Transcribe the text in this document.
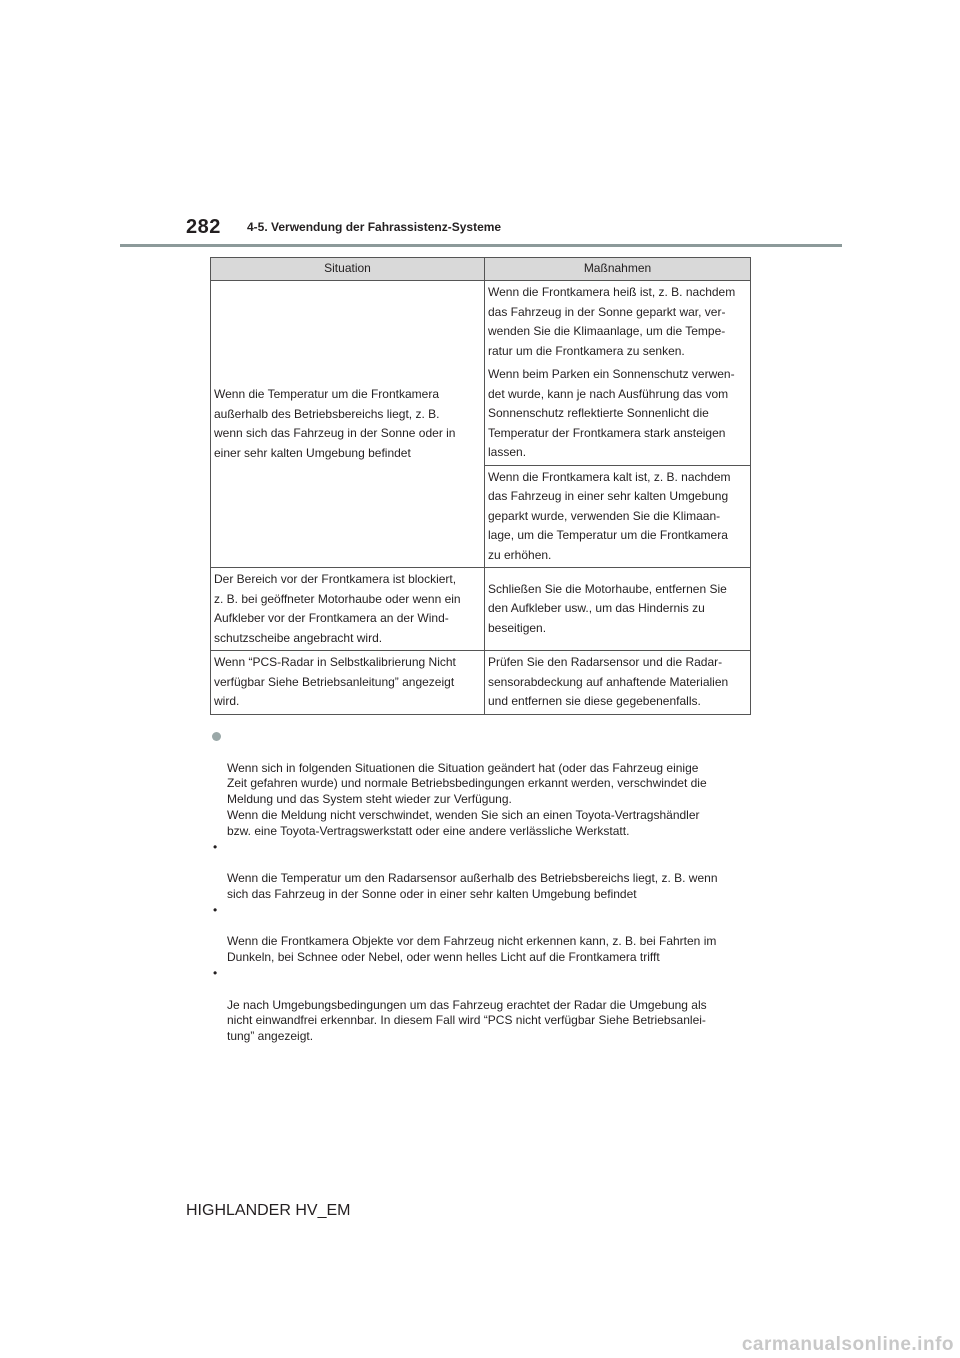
282 4-5. Verwendung der Fahrassistenz-Systeme
Situation	Maßnahmen

Wenn die Temperatur um die Frontkamera
außerhalb des Betriebsbereichs liegt, z. B.
wenn sich das Fahrzeug in der Sonne oder in
einer sehr kalten Umgebung befindet	Wenn die Frontkamera heiß ist, z. B. nachdem
das Fahrzeug in der Sonne geparkt war, ver-
wenden Sie die Klimaanlage, um die Tempe-
ratur um die Frontkamera zu senken.

	Wenn beim Parken ein Sonnenschutz verwen-
det wurde, kann je nach Ausführung das vom
Sonnenschutz reflektierte Sonnenlicht die
Temperatur der Frontkamera stark ansteigen
lassen.

	Wenn die Frontkamera kalt ist, z. B. nachdem
das Fahrzeug in einer sehr kalten Umgebung
geparkt wurde, verwenden Sie die Klimaan-
lage, um die Temperatur um die Frontkamera
zu erhöhen.

Der Bereich vor der Frontkamera ist blockiert,
z. B. bei geöffneter Motorhaube oder wenn ein
Aufkleber vor der Frontkamera an der Wind-
schutzscheibe angebracht wird.	Schließen Sie die Motorhaube, entfernen Sie
den Aufkleber usw., um das Hindernis zu
beseitigen.

Wenn “PCS-Radar in Selbstkalibrierung Nicht
verfügbar Siehe Betriebsanleitung” angezeigt
wird.	Prüfen Sie den Radarsensor und die Radar-
sensorabdeckung auf anhaftende Materialien
und entfernen sie diese gegebenenfalls.

Wenn sich in folgenden Situationen die Situation geändert hat (oder das Fahrzeug einige
Zeit gefahren wurde) und normale Betriebsbedingungen erkannt werden, verschwindet die
Meldung und das System steht wieder zur Verfügung.
Wenn die Meldung nicht verschwindet, wenden Sie sich an einen Toyota-Vertragshändler
bzw. eine Toyota-Vertragswerkstatt oder eine andere verlässliche Werkstatt.

•

Wenn die Temperatur um den Radarsensor außerhalb des Betriebsbereichs liegt, z. B. wenn
sich das Fahrzeug in der Sonne oder in einer sehr kalten Umgebung befindet

•

Wenn die Frontkamera Objekte vor dem Fahrzeug nicht erkennen kann, z. B. bei Fahrten im
Dunkeln, bei Schnee oder Nebel, oder wenn helles Licht auf die Frontkamera trifft

•

Je nach Umgebungsbedingungen um das Fahrzeug erachtet der Radar die Umgebung als
nicht einwandfrei erkennbar. In diesem Fall wird “PCS nicht verfügbar Siehe Betriebsanlei-
tung” angezeigt.

HIGHLANDER HV_EM
carmanualsonline.info
